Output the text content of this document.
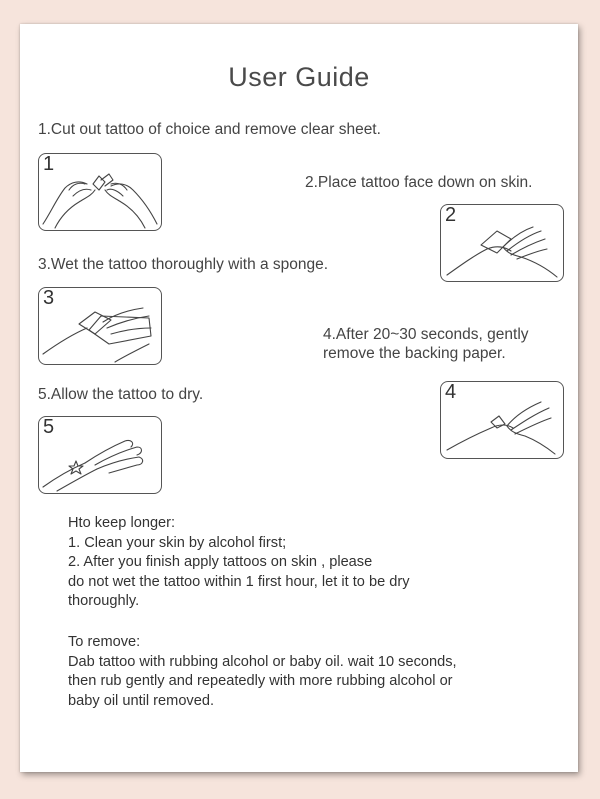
User Guide
1.Cut out tattoo of choice and remove clear sheet.
1
2.Place tattoo face down on skin.
2
3.Wet the tattoo thoroughly with a sponge.
3
4.After 20~30 seconds, gently
remove the backing paper.
5.Allow the tattoo to dry.	4
5
Hto keep longer:
1. Clean your skin by alcohol first;
2. After you finish apply tattoos on skin , please
do not wet the tattoo within 1 first hour, let it to be dry
thoroughly.
To remove:
Dab tattoo with rubbing alcohol or baby oil. wait 10 seconds,
then rub gently and repeatedly with more rubbing alcohol or
baby oil until removed.
